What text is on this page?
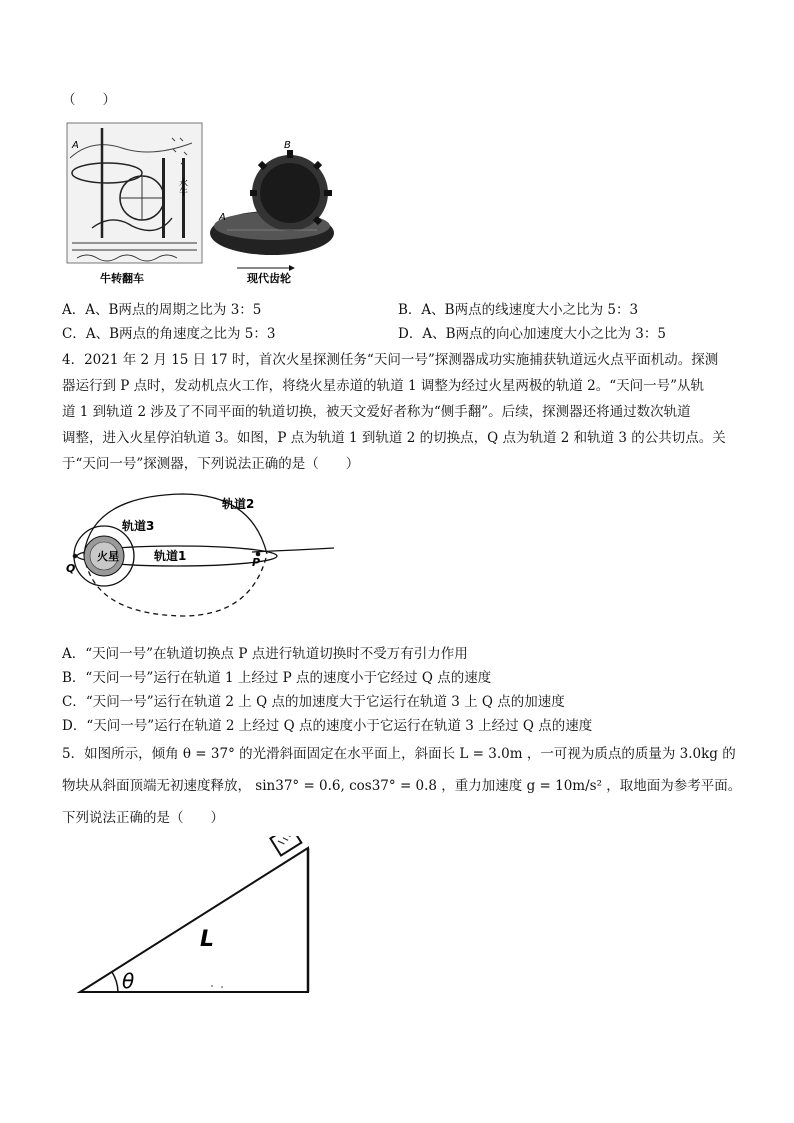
（　　）
A
水牛
牛转翻车
A
B
现代齿轮
A．A、B两点的周期之比为 3：5	B．A、B两点的线速度大小之比为 5：3
C．A、B两点的角速度之比为 5：3	D．A、B两点的向心加速度大小之比为 3：5
4．2021 年 2 月 15 日 17 时，首次火星探测任务“天问一号”探测器成功实施捕获轨道远火点平面机动。探测
器运行到 P 点时，发动机点火工作，将绕火星赤道的轨道 1 调整为经过火星两极的轨道 2。“天问一号”从轨
道 1 到轨道 2 涉及了不同平面的轨道切换，被天文爱好者称为“侧手翻”。后续，探测器还将通过数次轨道
调整，进入火星停泊轨道 3。如图，P 点为轨道 1 到轨道 2 的切换点，Q 点为轨道 2 和轨道 3 的公共切点。关
于“天问一号”探测器，下列说法正确的是（　　）
火星
轨道2
轨道3
轨道1	P
Q
A．“天问一号”在轨道切换点 P 点进行轨道切换时不受万有引力作用
B．“天问一号”运行在轨道 1 上经过 P 点的速度小于它经过 Q 点的速度
C．“天问一号”运行在轨道 2 上 Q 点的加速度大于它运行在轨道 3 上 Q 点的加速度
D．“天问一号”运行在轨道 2 上经过 Q 点的速度小于它运行在轨道 3 上经过 Q 点的速度
5．如图所示，倾角 θ = 37° 的光滑斜面固定在水平面上，斜面长 L = 3.0m ，一可视为质点的质量为 3.0kg 的
物块从斜面顶端无初速度释放， sin37° = 0.6, cos37° = 0.8 ，重力加速度 g = 10m/s² ，取地面为参考平面。
下列说法正确的是（　　）
θ
L
